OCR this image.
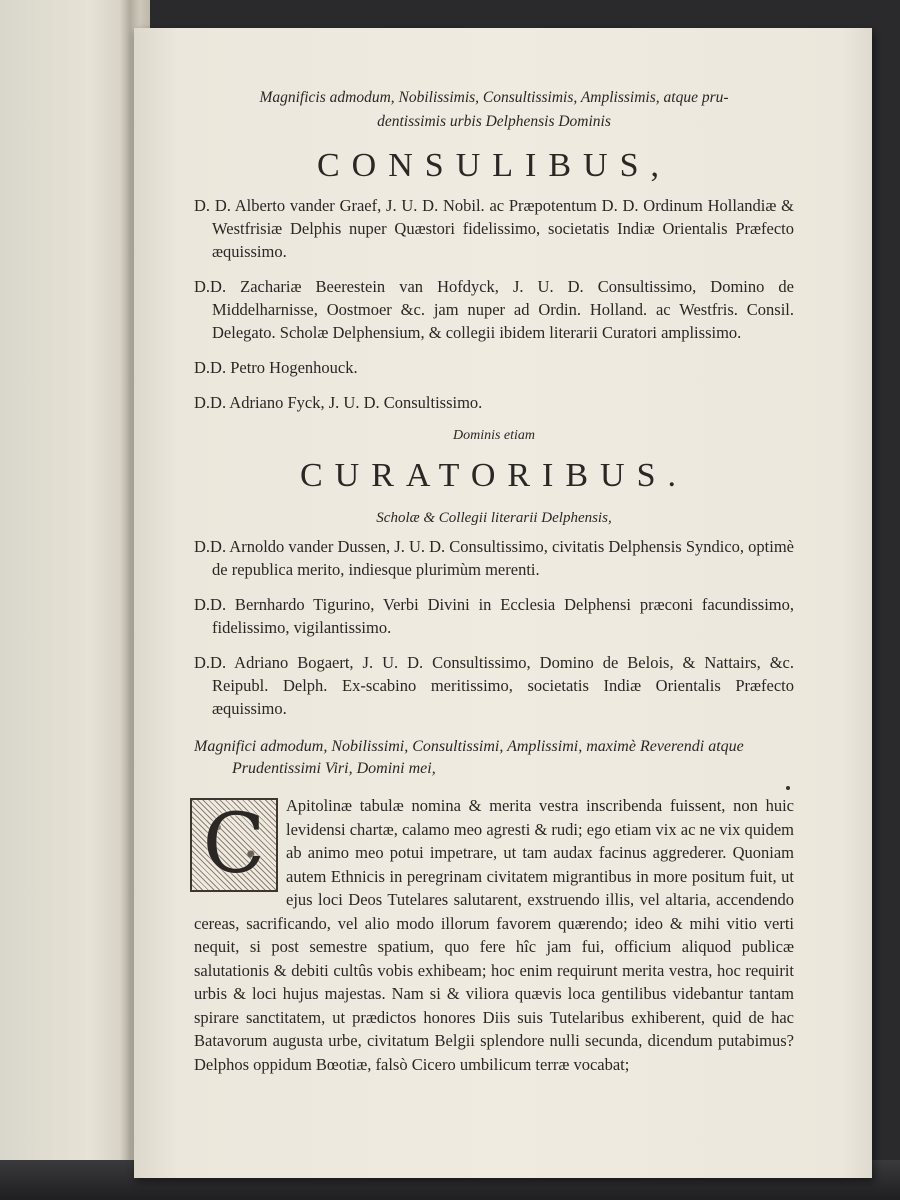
Magnificis admodum, Nobilissimis, Consultissimis, Amplissimis, atque pru-
dentissimis urbis Delphensis Dominis
CONSULIBUS,
D. D. Alberto vander Graef, J. U. D. Nobil. ac Præpotentum D. D. Ordinum Hollandiæ & Westfrisiæ Delphis nuper Quæstori fidelissimo, societatis Indiæ Orientalis Præfecto æquissimo.
D.D. Zachariæ Beerestein van Hofdyck, J. U. D. Consultissimo, Domino de Middelharnisse, Oostmoer &c. jam nuper ad Ordin. Holland. ac Westfris. Consil. Delegato. Scholæ Delphensium, & collegii ibidem literarii Curatori amplissimo.
D.D. Petro Hogenhouck.
D.D. Adriano Fyck, J. U. D. Consultissimo.
Dominis etiam
CURATORIBUS.
Scholæ & Collegii literarii Delphensis,
D.D. Arnoldo vander Dussen, J. U. D. Consultissimo, civitatis Delphensis Syndico, optimè de republica merito, indiesque plurimùm merenti.
D.D. Bernhardo Tigurino, Verbi Divini in Ecclesia Delphensi præconi facundissimo, fidelissimo, vigilantissimo.
D.D. Adriano Bogaert, J. U. D. Consultissimo, Domino de Belois, & Nattairs, &c. Reipubl. Delph. Ex-scabino meritissimo, societatis Indiæ Orientalis Præfecto æquissimo.
Magnifici admodum, Nobilissimi, Consultissimi, Amplissimi, maximè Reverendi atque
Prudentissimi Viri, Domini mei,
C	Apitolinæ tabulæ nomina & merita vestra inscribenda fuissent, non huic levidensi chartæ, calamo meo agresti & rudi; ego etiam vix ac ne vix quidem ab animo meo potui impetrare, ut tam audax facinus aggrederer. Quoniam autem Ethnicis in peregrinam civitatem migrantibus in more positum fuit, ut ejus loci Deos Tutelares salutarent, exstruendo illis, vel altaria, accendendo cereas, sacrificando, vel alio modo illorum favorem quærendo; ideo & mihi vitio verti nequit, si post semestre spatium, quo fere hîc jam fui, officium aliquod publicæ salutationis & debiti cultûs vobis exhibeam; hoc enim requirunt merita vestra, hoc requirit urbis & loci hujus majestas. Nam si & viliora quævis loca gentilibus videbantur tantam spirare sanctitatem, ut prædictos honores Diis suis Tutelaribus exhiberent, quid de hac Batavorum augusta urbe, civitatum Belgii splendore nulli secunda, dicendum putabimus? Delphos oppidum Bœotiæ, falsò Cicero umbilicum terræ vocabat;
